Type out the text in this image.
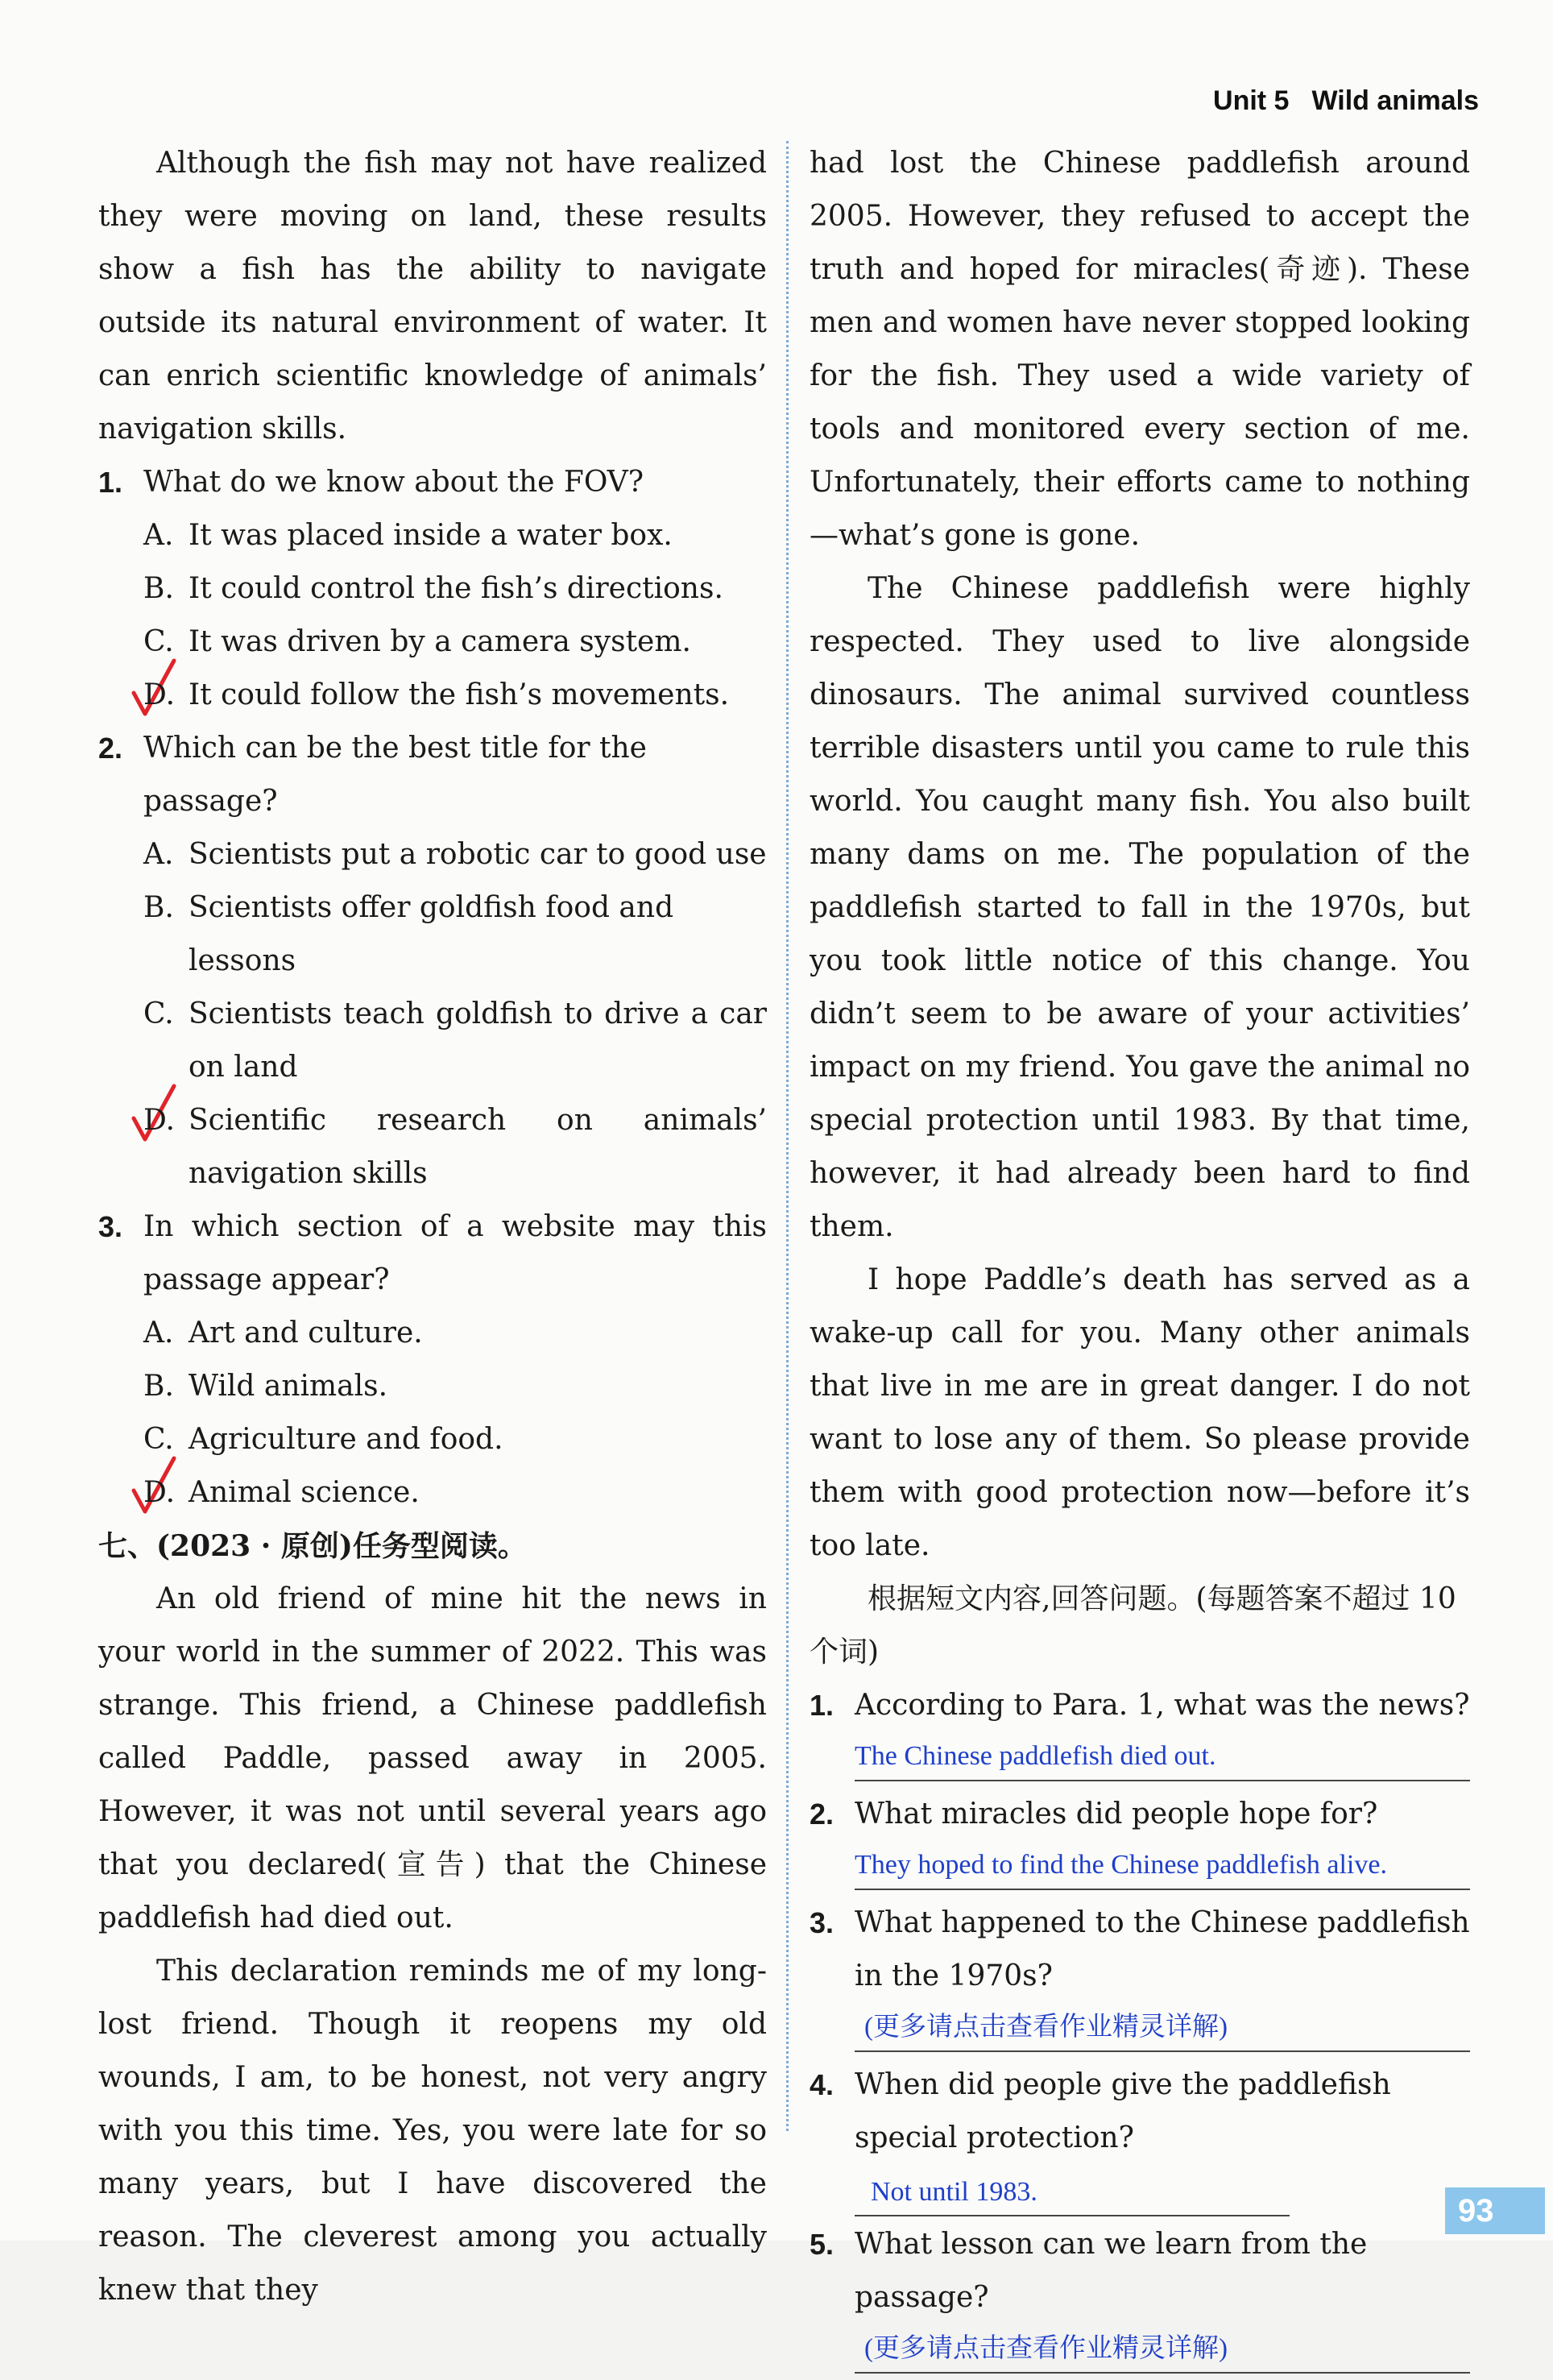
Unit 5 Wild animals

Although the fish may not have realized they were moving on land, these results show a fish has the ability to navigate outside its natural environment of water. It can enrich scientific knowledge of animals’ navigation skills.

1. What do we know about the FOV?
A. It was placed inside a water box.
B. It could control the fish’s directions.
C. It was driven by a camera system.
D. It could follow the fish’s movements.
2. Which can be the best title for the passage?
A. Scientists put a robotic car to good use
B. Scientists offer goldfish food and lessons
C. Scientists teach goldfish to drive a car on land
D. Scientific research on animals’ navigation skills
3. In which section of a website may this passage appear?
A. Art and culture.
B. Wild animals.
C. Agriculture and food.
D. Animal science.

七、(2023 · 原创)任务型阅读。

An old friend of mine hit the news in your world in the summer of 2022. This was strange. This friend, a Chinese paddlefish called Paddle, passed away in 2005. However, it was not until several years ago that you declared(宣告) that the Chinese paddlefish had died out.

This declaration reminds me of my long-lost friend. Though it reopens my old wounds, I am, to be honest, not very angry with you this time. Yes, you were late for so many years, but I have discovered the reason. The cleverest among you actually knew that they

had lost the Chinese paddlefish around 2005. However, they refused to accept the truth and hoped for miracles(奇迹). These men and women have never stopped looking for the fish. They used a wide variety of tools and monitored every section of me. Unfortunately, their efforts came to nothing—what’s gone is gone.

The Chinese paddlefish were highly respected. They used to live alongside dinosaurs. The animal survived countless terrible disasters until you came to rule this world. You caught many fish. You also built many dams on me. The population of the paddlefish started to fall in the 1970s, but you took little notice of this change. You didn’t seem to be aware of your activities’ impact on my friend. You gave the animal no special protection until 1983. By that time, however, it had already been hard to find them.

I hope Paddle’s death has served as a wake-up call for you. Many other animals that live in me are in great danger. I do not want to lose any of them. So please provide them with good protection now—before it’s too late.

根据短文内容,回答问题。(每题答案不超过 10 个词)

1. According to Para. 1, what was the news?
The Chinese paddlefish died out.
2. What miracles did people hope for?
They hoped to find the Chinese paddlefish alive.
3. What happened to the Chinese paddlefish in the 1970s?
(更多请点击查看作业精灵详解)
4. When did people give the paddlefish special protection? Not until 1983.
5. What lesson can we learn from the passage?
(更多请点击查看作业精灵详解)
93
